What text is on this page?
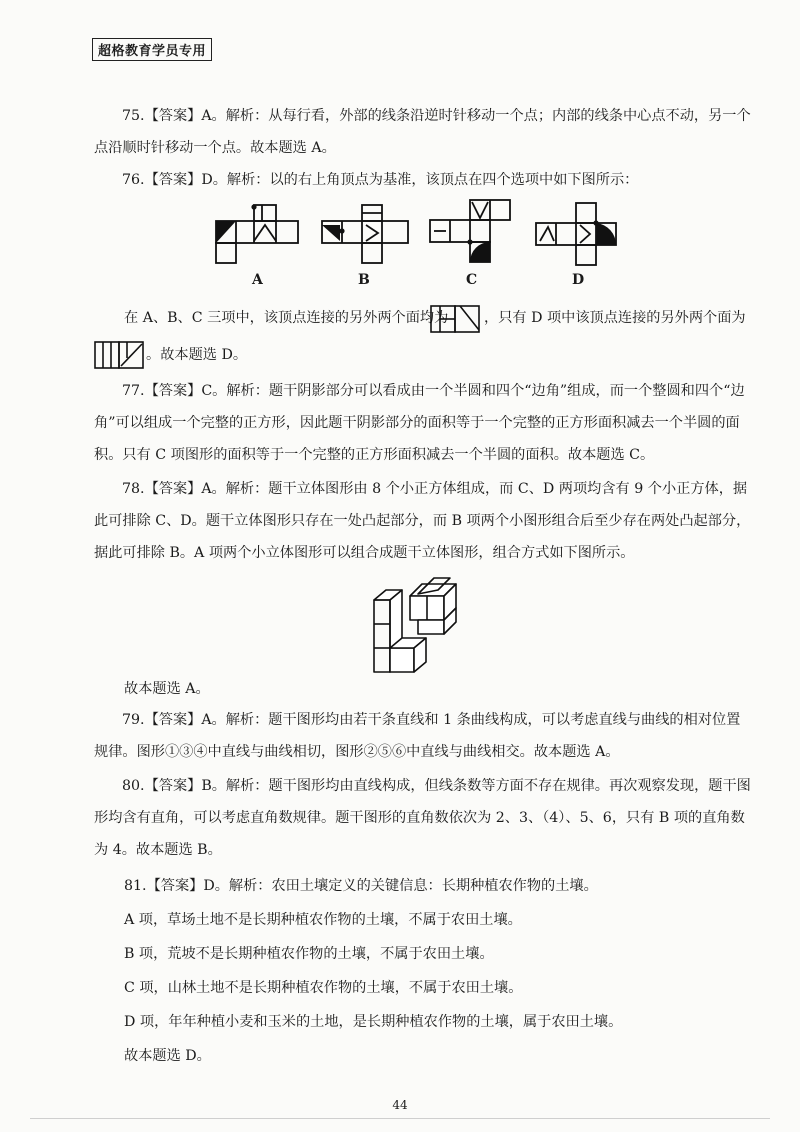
超格教育学员专用
75.【答案】A。解析：从每行看，外部的线条沿逆时针移动一个点；内部的线条中心点不动，另一个点沿顺时针移动一个点。故本题选 A。
76.【答案】D。解析：以的右上角顶点为基准，该顶点在四个选项中如下图所示：
A	B	C	D
在 A、B、C 三项中，该顶点连接的另外两个面均为	，只有 D 项中该顶点连接的另外两个面为
。故本题选 D。
77.【答案】C。解析：题干阴影部分可以看成由一个半圆和四个“边角”组成，而一个整圆和四个“边角”可以组成一个完整的正方形，因此题干阴影部分的面积等于一个完整的正方形面积减去一个半圆的面积。只有 C 项图形的面积等于一个完整的正方形面积减去一个半圆的面积。故本题选 C。
78.【答案】A。解析：题干立体图形由 8 个小正方体组成，而 C、D 两项均含有 9 个小正方体，据此可排除 C、D。题干立体图形只存在一处凸起部分，而 B 项两个小图形组合后至少存在两处凸起部分，据此可排除 B。A 项两个小立体图形可以组合成题干立体图形，组合方式如下图所示。
故本题选 A。
79.【答案】A。解析：题干图形均由若干条直线和 1 条曲线构成，可以考虑直线与曲线的相对位置规律。图形①③④中直线与曲线相切，图形②⑤⑥中直线与曲线相交。故本题选 A。
80.【答案】B。解析：题干图形均由直线构成，但线条数等方面不存在规律。再次观察发现，题干图形均含有直角，可以考虑直角数规律。题干图形的直角数依次为 2、3、（4）、5、6，只有 B 项的直角数为 4。故本题选 B。
81.【答案】D。解析：农田土壤定义的关键信息：长期种植农作物的土壤。
A 项，草场土地不是长期种植农作物的土壤，不属于农田土壤。
B 项，荒坡不是长期种植农作物的土壤，不属于农田土壤。
C 项，山林土地不是长期种植农作物的土壤，不属于农田土壤。
D 项，年年种植小麦和玉米的土地，是长期种植农作物的土壤，属于农田土壤。
故本题选 D。
44
